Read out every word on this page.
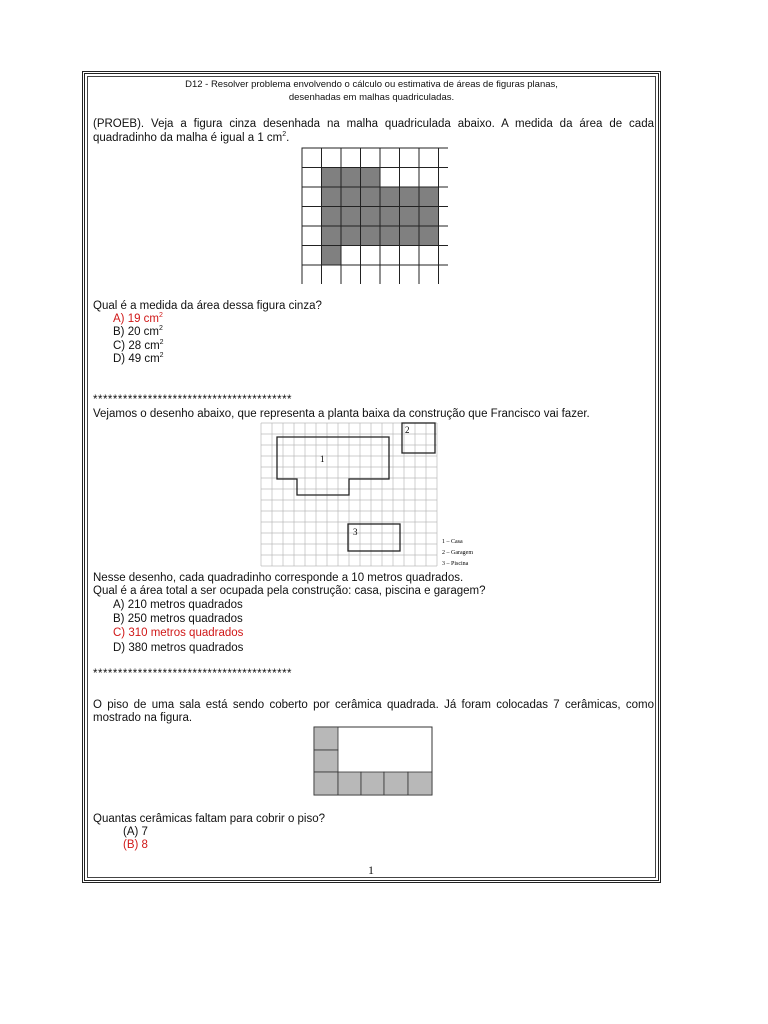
D12 - Resolver problema envolvendo o cálculo ou estimativa de áreas de figuras planas,
desenhadas em malhas quadriculadas.
(PROEB). Veja a figura cinza desenhada na malha quadriculada abaixo. A medida da área de cada
quadradinho da malha é igual a 1 $cm^2$.
Qual é a medida da área dessa figura cinza?
A) 19 $cm^2$
B) 20 $cm^2$
C) 28 $cm^2$
D) 49 $cm^2$
****************************************
Vejamos o desenho abaixo, que representa a planta baixa da construção que Francisco vai fazer.
1
2
3
1 – Casa
2 – Garagem
3 – Piscina
Nesse desenho, cada quadradinho corresponde a 10 metros quadrados.
Qual é a área total a ser ocupada pela construção: casa, piscina e garagem?
A) 210 metros quadrados
B) 250 metros quadrados
C) 310 metros quadrados
D) 380 metros quadrados
****************************************
O piso de uma sala está sendo coberto por cerâmica quadrada. Já foram colocadas 7 cerâmicas, como
mostrado na figura.
Quantas cerâmicas faltam para cobrir o piso?
(A) 7
(B) 8
1
